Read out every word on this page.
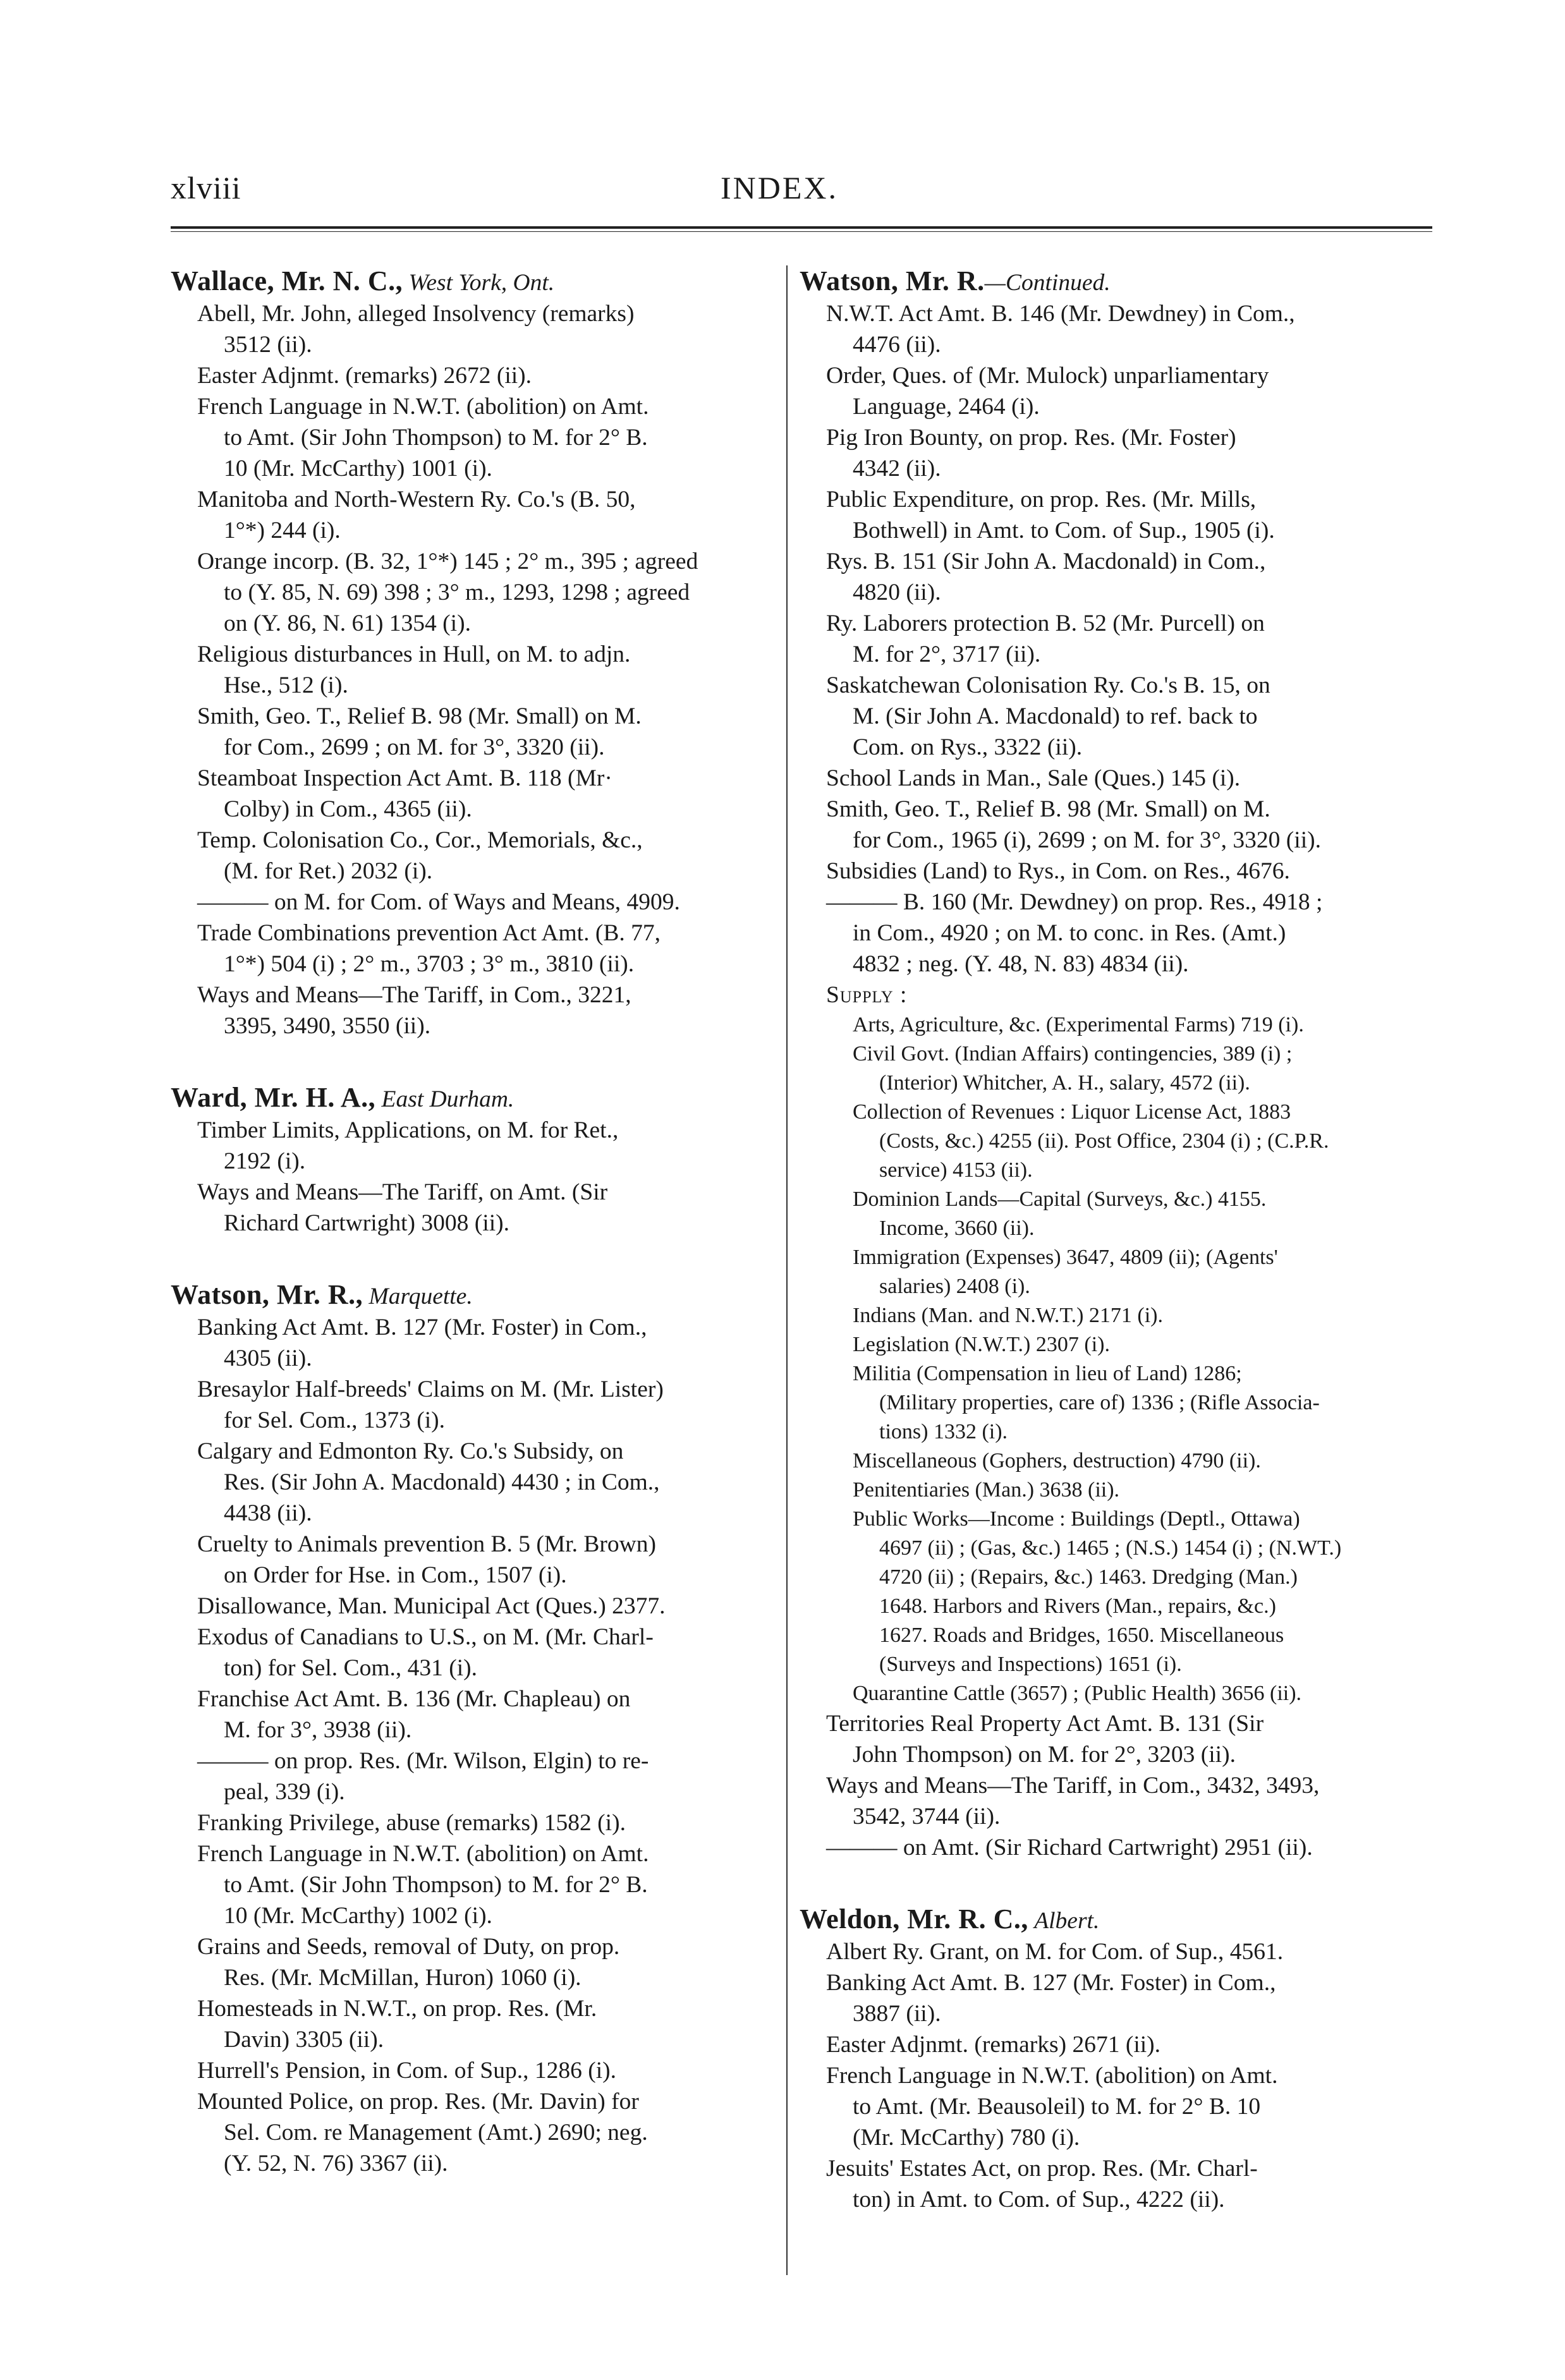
xlviii	INDEX.
Wallace, Mr. N. C., West York, Ont.
Abell, Mr. John, alleged Insolvency (remarks)
3512 (ii).
Easter Adjnmt. (remarks) 2672 (ii).
French Language in N.W.T. (abolition) on Amt.
to Amt. (Sir John Thompson) to M. for 2° B.
10 (Mr. McCarthy) 1001 (i).
Manitoba and North-Western Ry. Co.'s (B. 50,
1°*) 244 (i).
Orange incorp. (B. 32, 1°*) 145 ; 2° m., 395 ; agreed
to (Y. 85, N. 69) 398 ; 3° m., 1293, 1298 ; agreed
on (Y. 86, N. 61) 1354 (i).
Religious disturbances in Hull, on M. to adjn.
Hse., 512 (i).
Smith, Geo. T., Relief B. 98 (Mr. Small) on M.
for Com., 2699 ; on M. for 3°, 3320 (ii).
Steamboat Inspection Act Amt. B. 118 (Mr·
Colby) in Com., 4365 (ii).
Temp. Colonisation Co., Cor., Memorials, &c.,
(M. for Ret.) 2032 (i).
——— on M. for Com. of Ways and Means, 4909.
Trade Combinations prevention Act Amt. (B. 77,
1°*) 504 (i) ; 2° m., 3703 ; 3° m., 3810 (ii).
Ways and Means—The Tariff, in Com., 3221,
3395, 3490, 3550 (ii).
Ward, Mr. H. A., East Durham.
Timber Limits, Applications, on M. for Ret.,
2192 (i).
Ways and Means—The Tariff, on Amt. (Sir
Richard Cartwright) 3008 (ii).
Watson, Mr. R., Marquette.
Banking Act Amt. B. 127 (Mr. Foster) in Com.,
4305 (ii).
Bresaylor Half-breeds' Claims on M. (Mr. Lister)
for Sel. Com., 1373 (i).
Calgary and Edmonton Ry. Co.'s Subsidy, on
Res. (Sir John A. Macdonald) 4430 ; in Com.,
4438 (ii).
Cruelty to Animals prevention B. 5 (Mr. Brown)
on Order for Hse. in Com., 1507 (i).
Disallowance, Man. Municipal Act (Ques.) 2377.
Exodus of Canadians to U.S., on M. (Mr. Charl-
ton) for Sel. Com., 431 (i).
Franchise Act Amt. B. 136 (Mr. Chapleau) on
M. for 3°, 3938 (ii).
——— on prop. Res. (Mr. Wilson, Elgin) to re-
peal, 339 (i).
Franking Privilege, abuse (remarks) 1582 (i).
French Language in N.W.T. (abolition) on Amt.
to Amt. (Sir John Thompson) to M. for 2° B.
10 (Mr. McCarthy) 1002 (i).
Grains and Seeds, removal of Duty, on prop.
Res. (Mr. McMillan, Huron) 1060 (i).
Homesteads in N.W.T., on prop. Res. (Mr.
Davin) 3305 (ii).
Hurrell's Pension, in Com. of Sup., 1286 (i).
Mounted Police, on prop. Res. (Mr. Davin) for
Sel. Com. re Management (Amt.) 2690; neg.
(Y. 52, N. 76) 3367 (ii).
Watson, Mr. R.—Continued.
N.W.T. Act Amt. B. 146 (Mr. Dewdney) in Com.,
4476 (ii).
Order, Ques. of (Mr. Mulock) unparliamentary
Language, 2464 (i).
Pig Iron Bounty, on prop. Res. (Mr. Foster)
4342 (ii).
Public Expenditure, on prop. Res. (Mr. Mills,
Bothwell) in Amt. to Com. of Sup., 1905 (i).
Rys. B. 151 (Sir John A. Macdonald) in Com.,
4820 (ii).
Ry. Laborers protection B. 52 (Mr. Purcell) on
M. for 2°, 3717 (ii).
Saskatchewan Colonisation Ry. Co.'s B. 15, on
M. (Sir John A. Macdonald) to ref. back to
Com. on Rys., 3322 (ii).
School Lands in Man., Sale (Ques.) 145 (i).
Smith, Geo. T., Relief B. 98 (Mr. Small) on M.
for Com., 1965 (i), 2699 ; on M. for 3°, 3320 (ii).
Subsidies (Land) to Rys., in Com. on Res., 4676.
——— B. 160 (Mr. Dewdney) on prop. Res., 4918 ;
in Com., 4920 ; on M. to conc. in Res. (Amt.)
4832 ; neg. (Y. 48, N. 83) 4834 (ii).
Supply :
Arts, Agriculture, &c. (Experimental Farms) 719 (i).
Civil Govt. (Indian Affairs) contingencies, 389 (i) ;
(Interior) Whitcher, A. H., salary, 4572 (ii).
Collection of Revenues : Liquor License Act, 1883
(Costs, &c.) 4255 (ii). Post Office, 2304 (i) ; (C.P.R.
service) 4153 (ii).
Dominion Lands—Capital (Surveys, &c.) 4155.
Income, 3660 (ii).
Immigration (Expenses) 3647, 4809 (ii); (Agents'
salaries) 2408 (i).
Indians (Man. and N.W.T.) 2171 (i).
Legislation (N.W.T.) 2307 (i).
Militia (Compensation in lieu of Land) 1286;
(Military properties, care of) 1336 ; (Rifle Associa-
tions) 1332 (i).
Miscellaneous (Gophers, destruction) 4790 (ii).
Penitentiaries (Man.) 3638 (ii).
Public Works—Income : Buildings (Deptl., Ottawa)
4697 (ii) ; (Gas, &c.) 1465 ; (N.S.) 1454 (i) ; (N.WT.)
4720 (ii) ; (Repairs, &c.) 1463. Dredging (Man.)
1648. Harbors and Rivers (Man., repairs, &c.)
1627. Roads and Bridges, 1650. Miscellaneous
(Surveys and Inspections) 1651 (i).
Quarantine Cattle (3657) ; (Public Health) 3656 (ii).
Territories Real Property Act Amt. B. 131 (Sir
John Thompson) on M. for 2°, 3203 (ii).
Ways and Means—The Tariff, in Com., 3432, 3493,
3542, 3744 (ii).
——— on Amt. (Sir Richard Cartwright) 2951 (ii).
Weldon, Mr. R. C., Albert.
Albert Ry. Grant, on M. for Com. of Sup., 4561.
Banking Act Amt. B. 127 (Mr. Foster) in Com.,
3887 (ii).
Easter Adjnmt. (remarks) 2671 (ii).
French Language in N.W.T. (abolition) on Amt.
to Amt. (Mr. Beausoleil) to M. for 2° B. 10
(Mr. McCarthy) 780 (i).
Jesuits' Estates Act, on prop. Res. (Mr. Charl-
ton) in Amt. to Com. of Sup., 4222 (ii).
